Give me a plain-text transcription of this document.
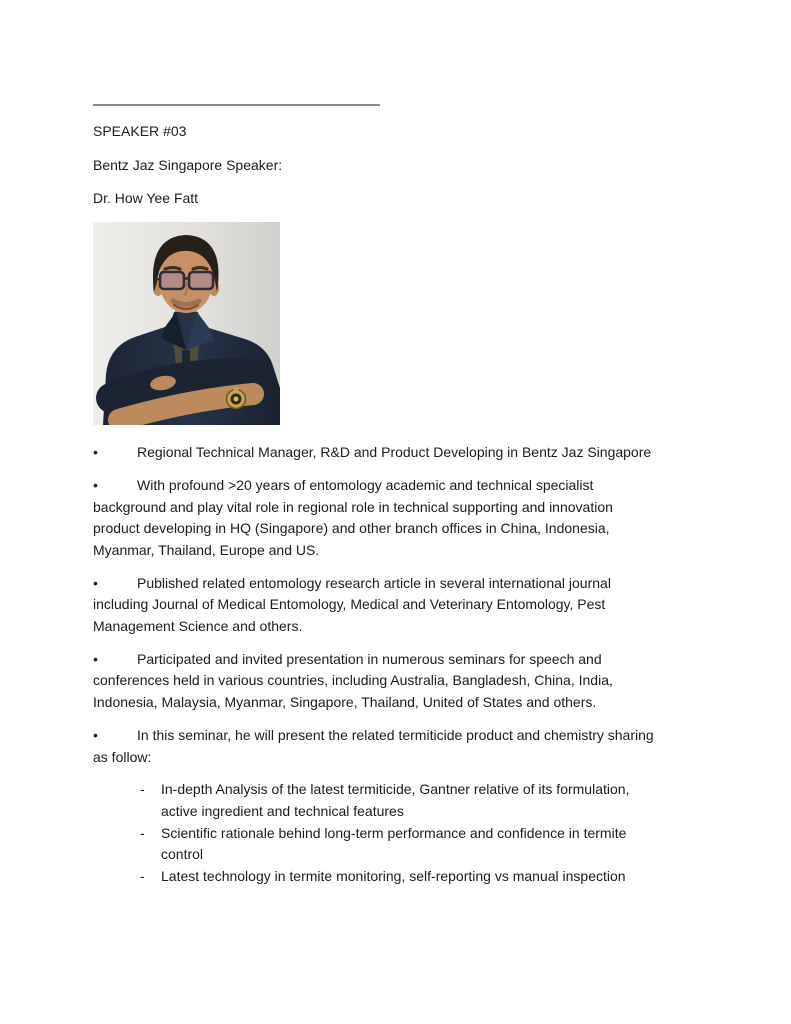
SPEAKER #03

Bentz Jaz Singapore Speaker:

Dr. How Yee Fatt

•	Regional Technical Manager, R&D and Product Developing in Bentz Jaz Singapore

•	With profound >20 years of entomology academic and technical specialist background and play vital role in regional role in technical supporting and innovation product developing in HQ (Singapore) and other branch offices in China, Indonesia, Myanmar, Thailand, Europe and US.

•	Published related entomology research article in several international journal including Journal of Medical Entomology, Medical and Veterinary Entomology, Pest Management Science and others.

•	Participated and invited presentation in numerous seminars for speech and conferences held in various countries, including Australia, Bangladesh, China, India, Indonesia, Malaysia, Myanmar, Singapore, Thailand, United of States and others.

•	In this seminar, he will present the related termiticide product and chemistry sharing as follow:

- In-depth Analysis of the latest termiticide, Gantner relative of its formulation, active ingredient and technical features
- Scientific rationale behind long-term performance and confidence in termite control
- Latest technology in termite monitoring, self-reporting vs manual inspection
